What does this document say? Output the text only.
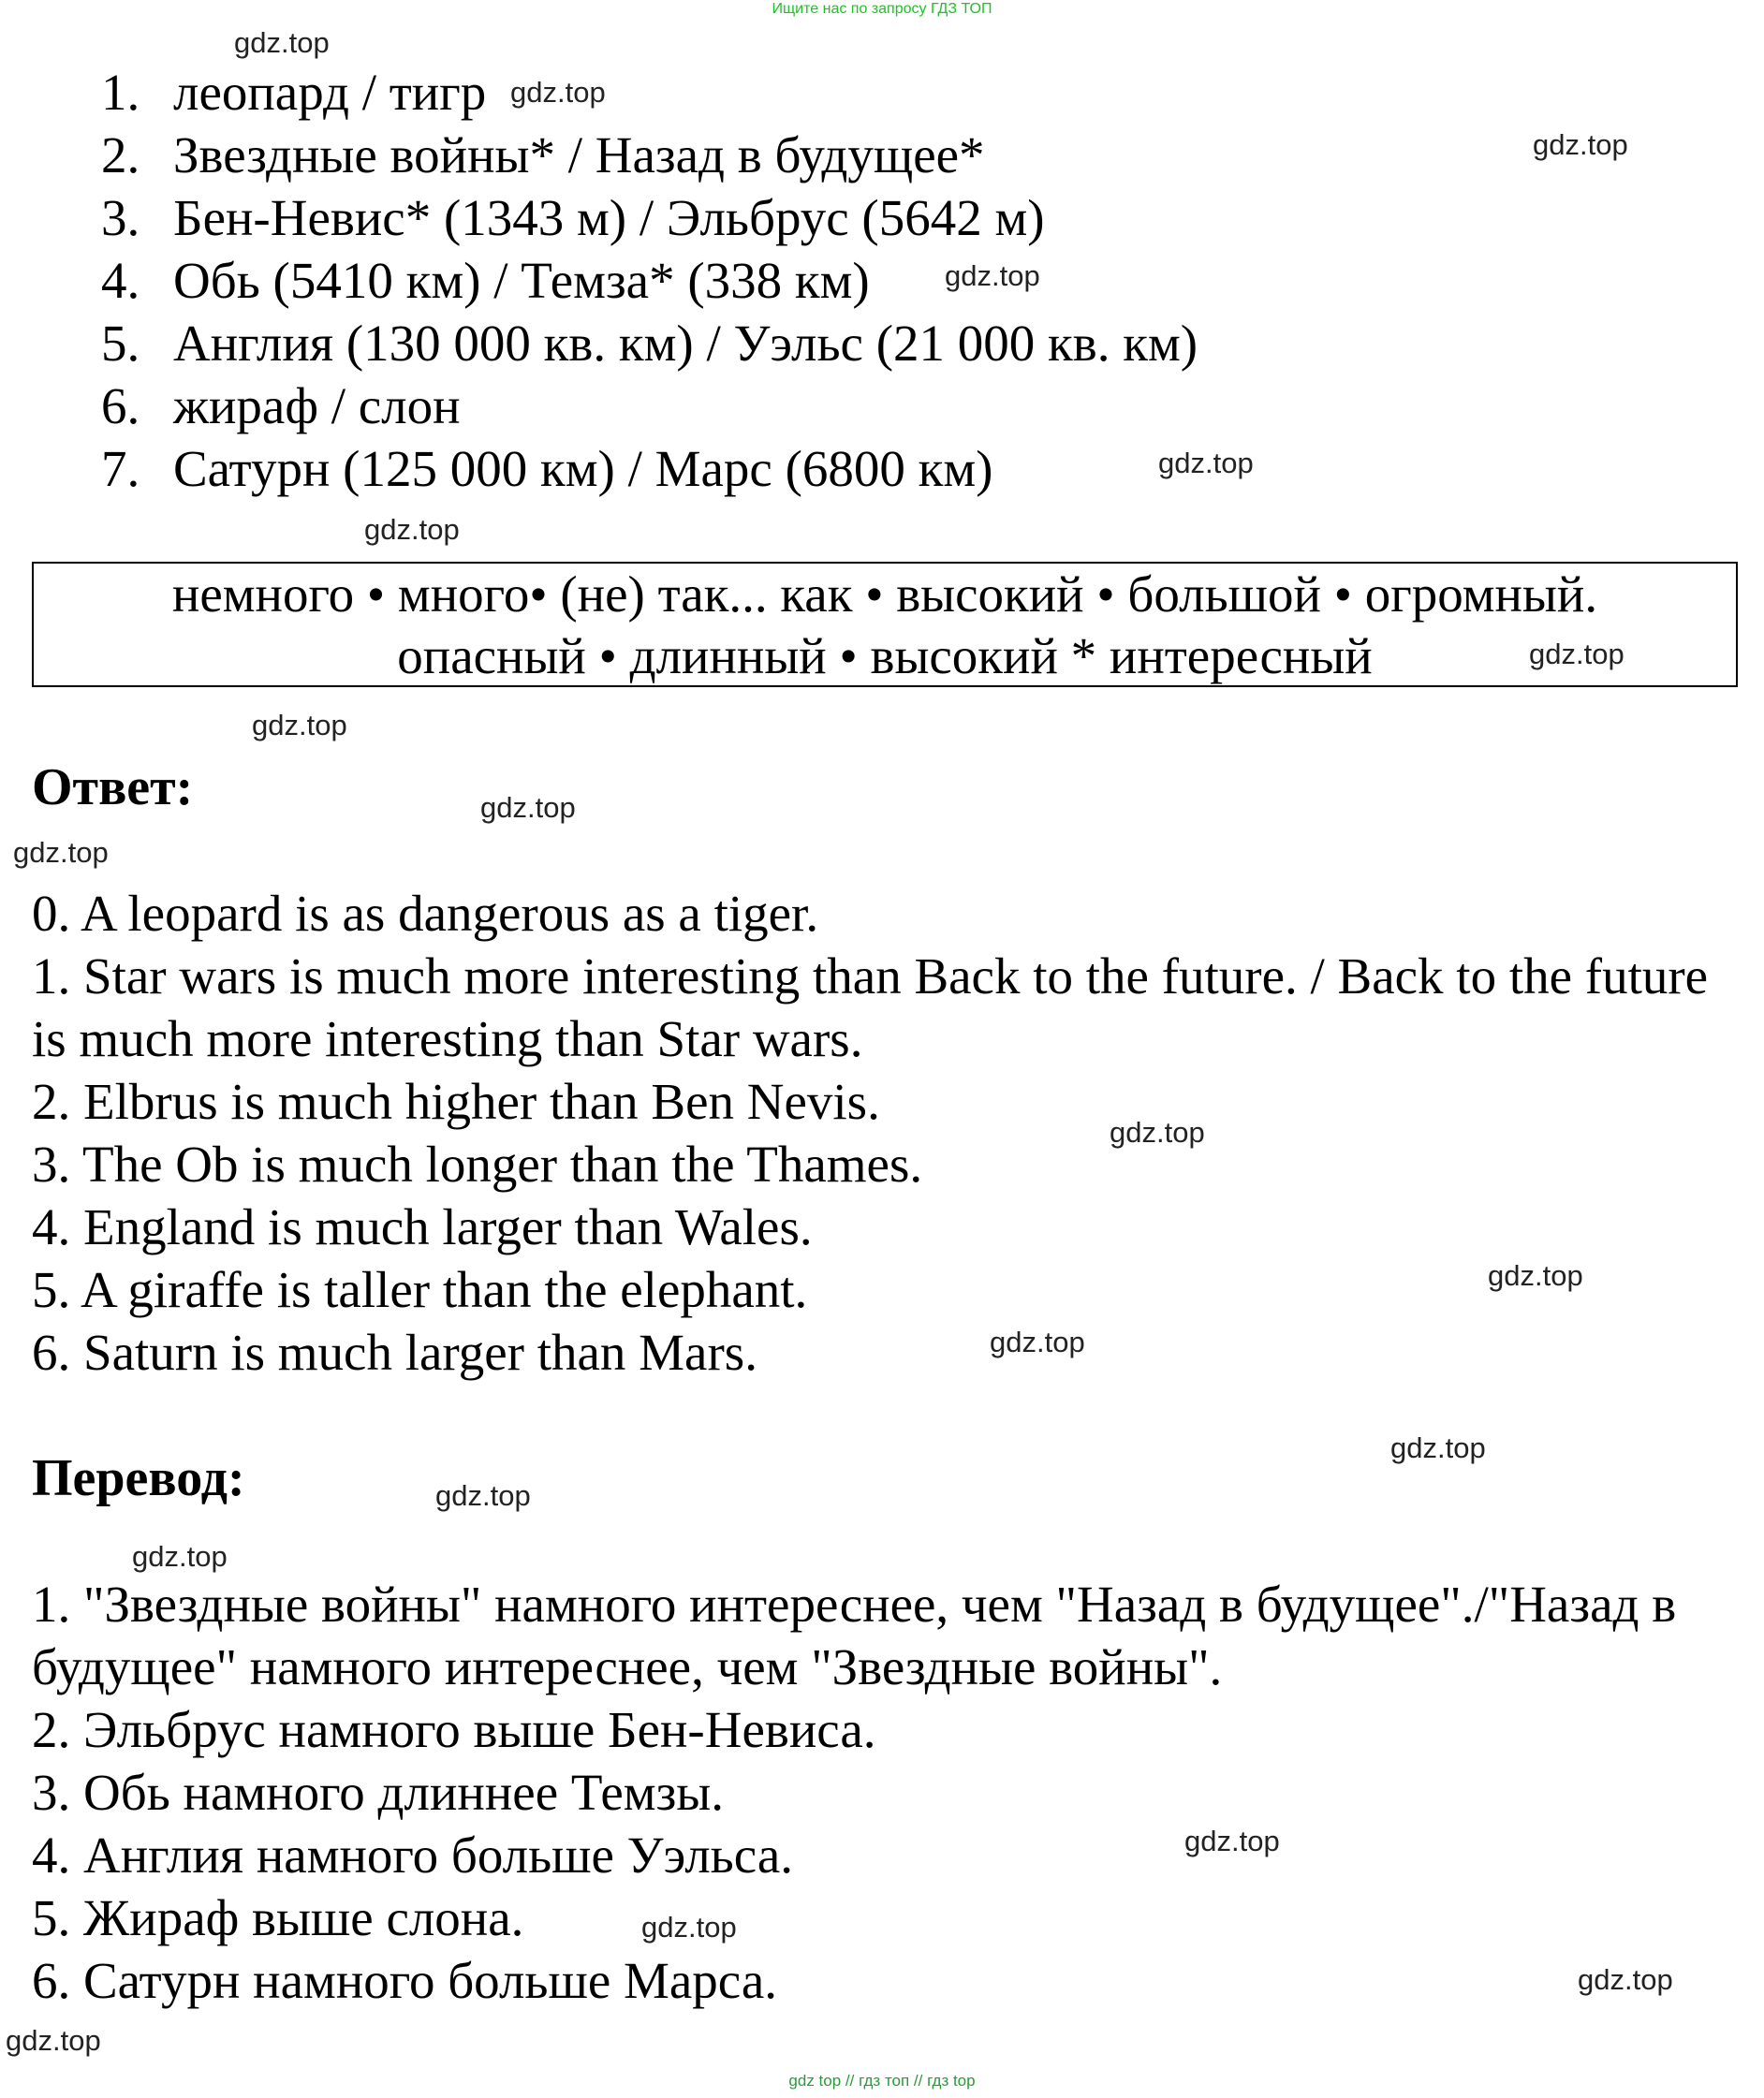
Ищите нас по запросу ГДЗ ТОП
1. леопард / тигр
2. Звездные войны* / Назад в будущее*
3. Бен-Невис* (1343 м) / Эльбрус (5642 м)
4. Обь (5410 км) / Темза* (338 км)
5. Англия (130 000 кв. км) / Уэльс (21 000 кв. км)
6. жираф / слон
7. Сатурн (125 000 км) / Марс (6800 км)
немного • много• (не) так... как • высокий • большой • огромный.
опасный • длинный • высокий * интересный
Ответ:
0. A leopard is as dangerous as a tiger.
1. Star wars is much more interesting than Back to the future. / Back to the future is much more interesting than Star wars.
2. Elbrus is much higher than Ben Nevis.
3. The Ob is much longer than the Thames.
4. England is much larger than Wales.
5. A giraffe is taller than the elephant.
6. Saturn is much larger than Mars.
Перевод:
1. "Звездные войны" намного интереснее, чем "Назад в будущее"./"Назад в будущее" намного интереснее, чем "Звездные войны".
2. Эльбрус намного выше Бен-Невиса.
3. Обь намного длиннее Темзы.
4. Англия намного больше Уэльса.
5. Жираф выше слона.
6. Сатурн намного больше Марса.
gdz.top
gdz.top
gdz.top
gdz.top
gdz.top
gdz.top
gdz.top
gdz.top
gdz.top
gdz.top
gdz.top
gdz.top
gdz.top
gdz.top
gdz.top
gdz.top
gdz.top
gdz.top
gdz.top
gdz.top
gdz top // гдз топ // гдз top
